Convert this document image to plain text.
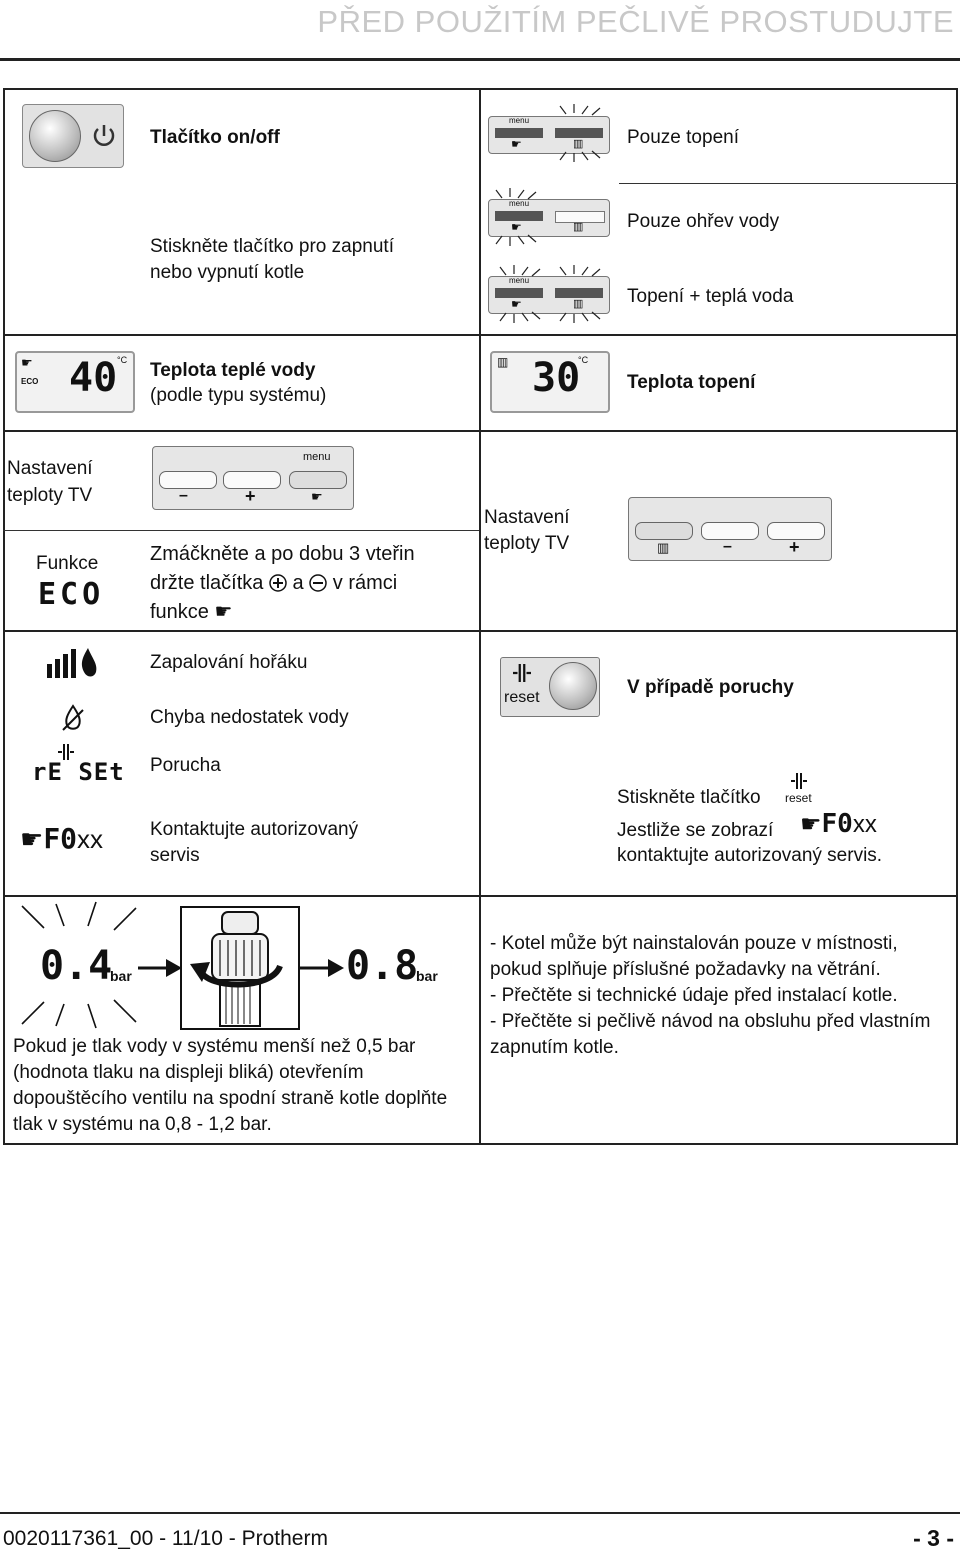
PŘED POUŽITÍM PEČLIVĚ PROSTUDUJTE
Tlačítko on/off
Stiskněte tlačítko pro zapnutí
nebo vypnutí kotle
menu
☛	▥ Pouze topení
menu
☛	▥ Pouze ohřev vody
menu
☛	▥ Topení + teplá voda
☛
ECO 40 °C Teplota teplé vody
(podle typu systému)
▥ 30
°C
Teplota topení
Nastavení
teploty TV
menu
–	+	☛
Funkce
ECO
Zmáčkněte a po dobu 3 vteřin
držte tlačítka a v rámci
funkce ☛
Nastavení
teploty TV	▥	–	+
Zapalování hořáku
Chyba nedostatek vody
rE SEt Porucha
☛F0xx Kontaktujte autorizovaný
servis
reset	V případě poruchy
Stiskněte tlačítko reset
Jestliže se zobrazí ☛F0xx
kontaktujte autorizovaný servis.
0.4
bar	0.8
bar
Pokud je tlak vody v systému menší než 0,5 bar (hodnota tlaku na displeji bliká) otevřením dopouštěcího ventilu na spodní straně kotle doplňte tlak v systému na 0,8 - 1,2 bar.
- Kotel může být nainstalován pouze v místnosti, pokud splňuje příslušné požadavky na větrání.
- Přečtěte si technické údaje před instalací kotle.
- Přečtěte si pečlivě návod na obsluhu před vlastním zapnutím kotle.
0020117361_00 - 11/10 - Protherm	- 3 -
